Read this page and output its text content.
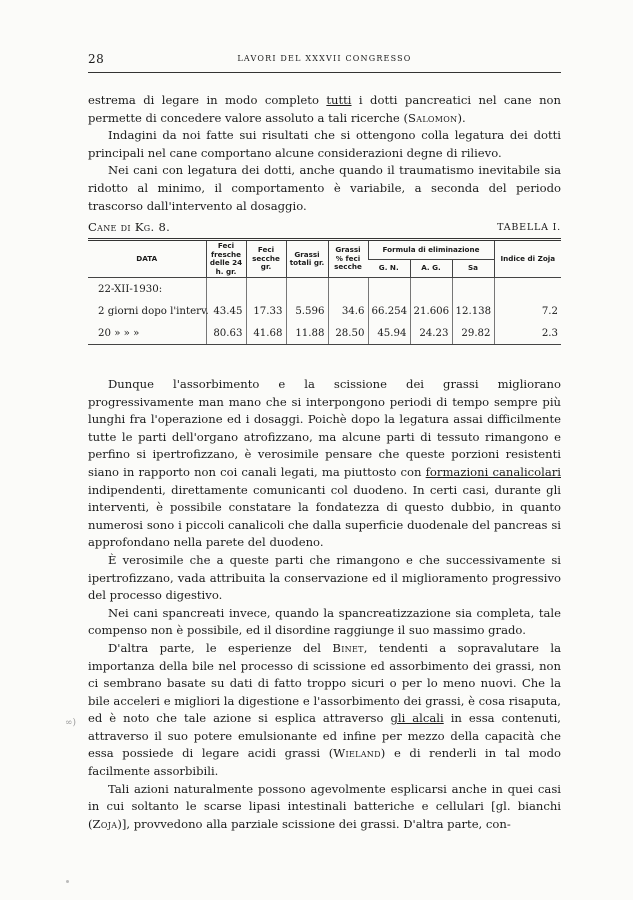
28	LAVORI DEL XXXVII CONGRESSO

estrema di legare in modo completo tutti i dotti pancreatici nel cane non permette di concedere valore assoluto a tali ricerche (Salomon).

Indagini da noi fatte sui risultati che si ottengono colla legatura dei dotti principali nel cane comportano alcune considerazioni degne di rilievo.

Nei cani con legatura dei dotti, anche quando il traumatismo inevitabile sia ridotto al minimo, il comportamento è variabile, a seconda del periodo trascorso dall'intervento al dosaggio.

Cane di Kg. 8.	TABELLA I.
DATA	Feci fresche delle 24 h. gr.	Feci secche gr.	Grassi totali gr.	Grassi % feci secche	Formula di eliminazione			Indice di Zoja
					G. N.	A. G.	Sa	
22-XII-1930:								
2 giorni dopo l'interv.	43.45	17.33	5.596	34.6	66.254	21.606	12.138	7.2
20 » » »	80.63	41.68	11.88	28.50	45.94	24.23	29.82	2.3

Dunque l'assorbimento e la scissione dei grassi migliorano progressivamente man mano che si interpongono periodi di tempo sempre più lunghi fra l'operazione ed i dosaggi. Poichè dopo la legatura assai difficilmente tutte le parti dell'organo atrofizzano, ma alcune parti di tessuto rimangono e perfino si ipertrofizzano, è verosimile pensare che queste porzioni resistenti siano in rapporto non coi canali legati, ma piuttosto con formazioni canalicolari indipendenti, direttamente comunicanti col duodeno. In certi casi, durante gli interventi, è possibile constatare la fondatezza di questo dubbio, in quanto numerosi sono i piccoli canalicoli che dalla superficie duodenale del pancreas si approfondano nella parete del duodeno.

È verosimile che a queste parti che rimangono e che successivamente si ipertrofizzano, vada attribuita la conservazione ed il miglioramento progressivo del processo digestivo.

Nei cani spancreati invece, quando la spancreatizzazione sia completa, tale compenso non è possibile, ed il disordine raggiunge il suo massimo grado.

D'altra parte, le esperienze del Binet, tendenti a sopravalutare la importanza della bile nel processo di scissione ed assorbimento dei grassi, non ci sembrano basate su dati di fatto troppo sicuri o per lo meno nuovi. Che la bile acceleri e migliori la digestione e l'assorbimento dei grassi, è cosa risaputa, ed è noto che tale azione si esplica attraverso gli alcali in essa contenuti, attraverso il suo potere emulsionante ed infine per mezzo della capacità che essa possiede di legare acidi grassi (Wieland) e di renderli in tal modo facilmente assorbibili.

Tali azioni naturalmente possono agevolmente esplicarsi anche in quei casi in cui soltanto le scarse lipasi intestinali batteriche e cellulari [gl. bianchi (Zoja)], provvedono alla parziale scissione dei grassi. D'altra parte, con-

∞)
